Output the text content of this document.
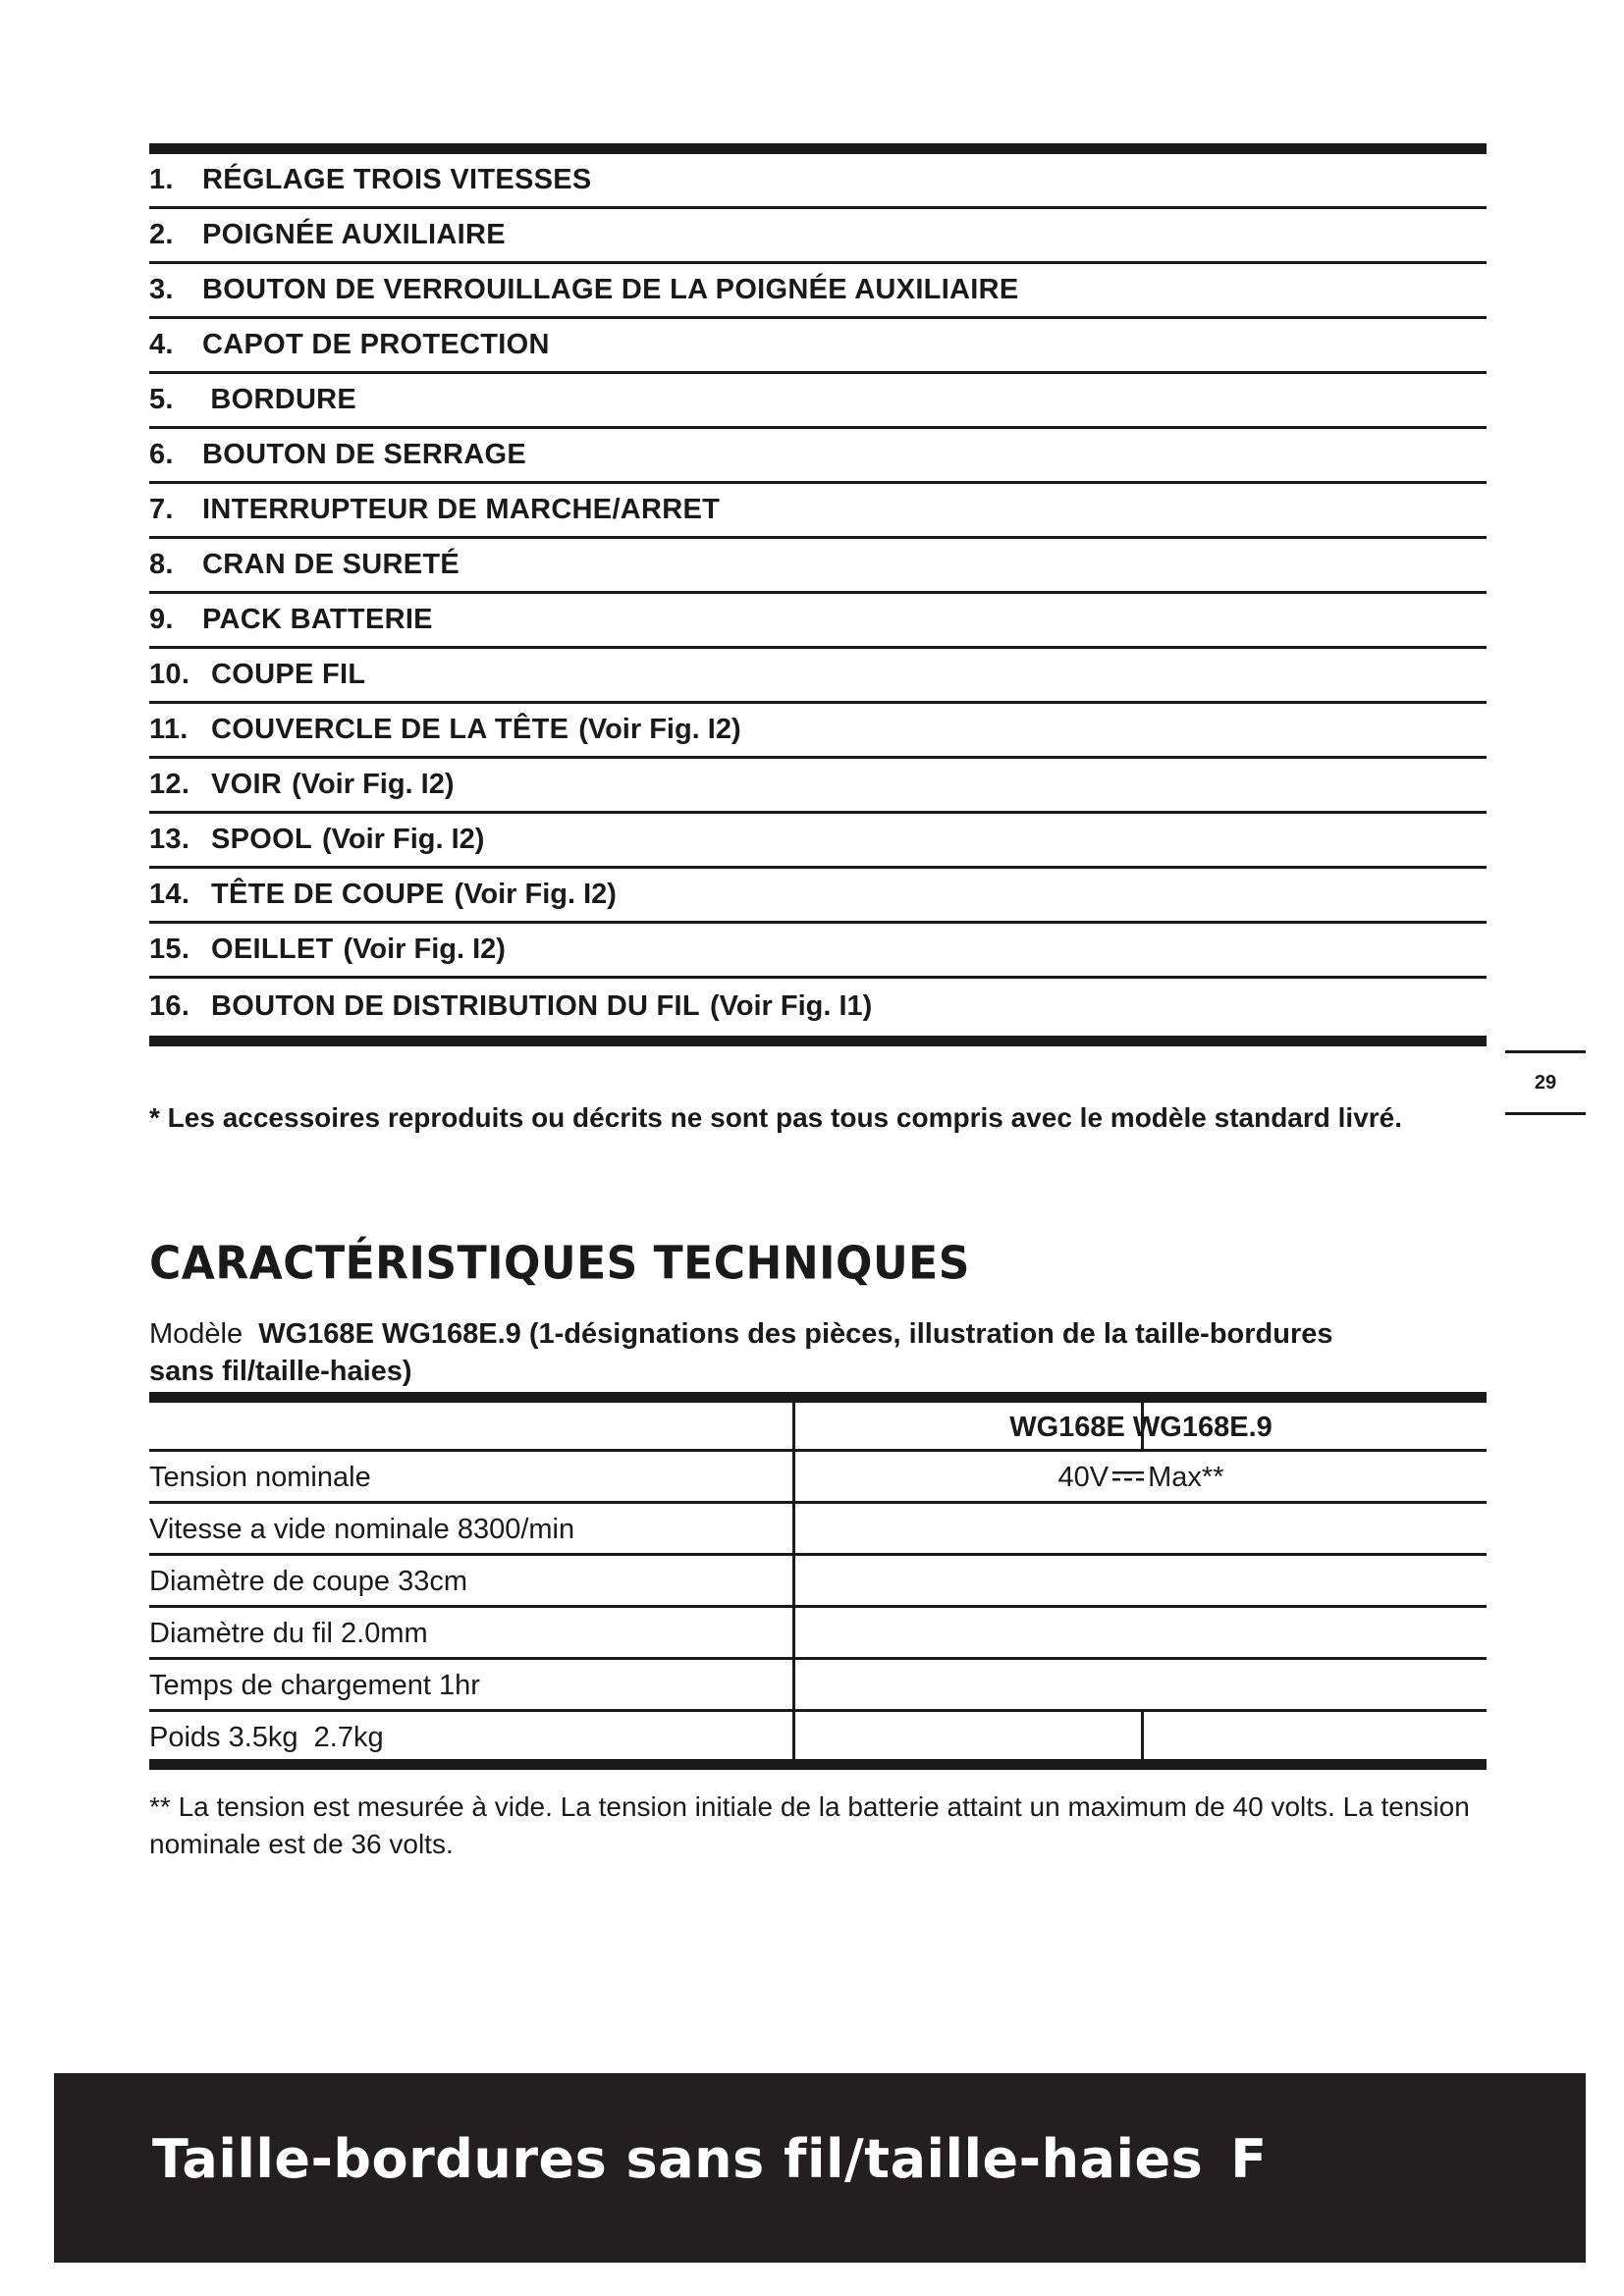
1.	RÉGLAGE TROIS VITESSES
2.	POIGNÉE AUXILIAIRE
3.	BOUTON DE VERROUILLAGE DE LA POIGNÉE AUXILIAIRE
4.	CAPOT DE PROTECTION
5.	BORDURE
6.	BOUTON DE SERRAGE
7.	INTERRUPTEUR DE MARCHE/ARRET
8.	CRAN DE SURETÉ
9.	PACK BATTERIE
10. COUPE FIL
11. COUVERCLE DE LA TÊTE (Voir Fig. I2)
12. VOIR (Voir Fig. I2)
13. SPOOL (Voir Fig. I2)
14. TÊTE DE COUPE (Voir Fig. I2)
15. OEILLET (Voir Fig. I2)
16. BOUTON DE DISTRIBUTION DU FIL (Voir Fig. I1)
29
* Les accessoires reproduits ou décrits ne sont pas tous compris avec le modèle standard livré.
CARACTÉRISTIQUES TECHNIQUES
Modèle WG168E WG168E.9 (1-désignations des pièces, illustration de la taille-bordures sans fil/taille-haies)
WG168E WG168E.9
Tension nominale	40V Max**
Vitesse a vide nominale 8300/min
Diamètre de coupe 33cm
Diamètre du fil 2.0mm
Temps de chargement 1hr
Poids 3.5kg  2.7kg
** La tension est mesurée à vide. La tension initiale de la batterie attaint un maximum de 40 volts. La tension nominale est de 36 volts.
Taille-bordures sans fil/taille-haies F
